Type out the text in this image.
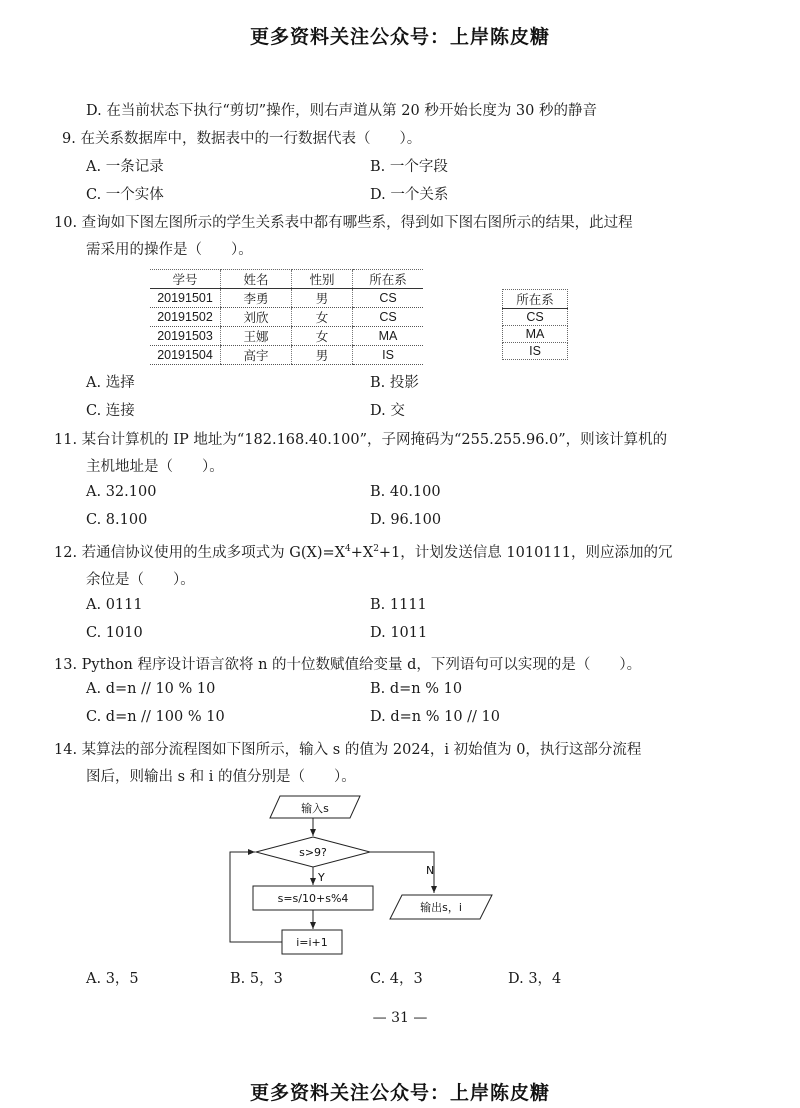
更多资料关注公众号：上岸陈皮糖
D. 在当前状态下执行“剪切”操作，则右声道从第 20 秒开始长度为 30 秒的静音
9. 在关系数据库中，数据表中的一行数据代表（　　）。
A. 一条记录	B. 一个字段
C. 一个实体	D. 一个关系
10. 查询如下图左图所示的学生关系表中都有哪些系，得到如下图右图所示的结果，此过程
需采用的操作是（　　）。
学号	姓名	性别	所在系
20191501	李勇	男	CS
20191502	刘欣	女	CS
20191503	王娜	女	MA
20191504	高宇	男	IS
所在系
CS
MA
IS
A. 选择	B. 投影
C. 连接	D. 交
11. 某台计算机的 IP 地址为“182.168.40.100”，子网掩码为“255.255.96.0”，则该计算机的
主机地址是（　　）。
A. 32.100	B. 40.100
C. 8.100	D. 96.100
12. 若通信协议使用的生成多项式为 $G(X)=X^4+X^2+1$，计划发送信息 1010111，则应添加的冗
余位是（　　）。
A. 0111	B. 1111
C. 1010	D. 1011
13. Python 程序设计语言欲将 n 的十位数赋值给变量 d，下列语句可以实现的是（　　）。
A. d=n // 10 % 10	B. d=n % 10
C. d=n // 100 % 10	D. d=n % 10 // 10
14. 某算法的部分流程图如下图所示，输入 s 的值为 2024，i 初始值为 0，执行这部分流程
图后，则输出 s 和 i 的值分别是（　　）。
输入s
s>9?
Y
N
s=s/10+s%4
i=i+1
输出s，i
A. 3，5	B. 5，3	C. 4，3	D. 3，4
— 31 —
更多资料关注公众号：上岸陈皮糖
